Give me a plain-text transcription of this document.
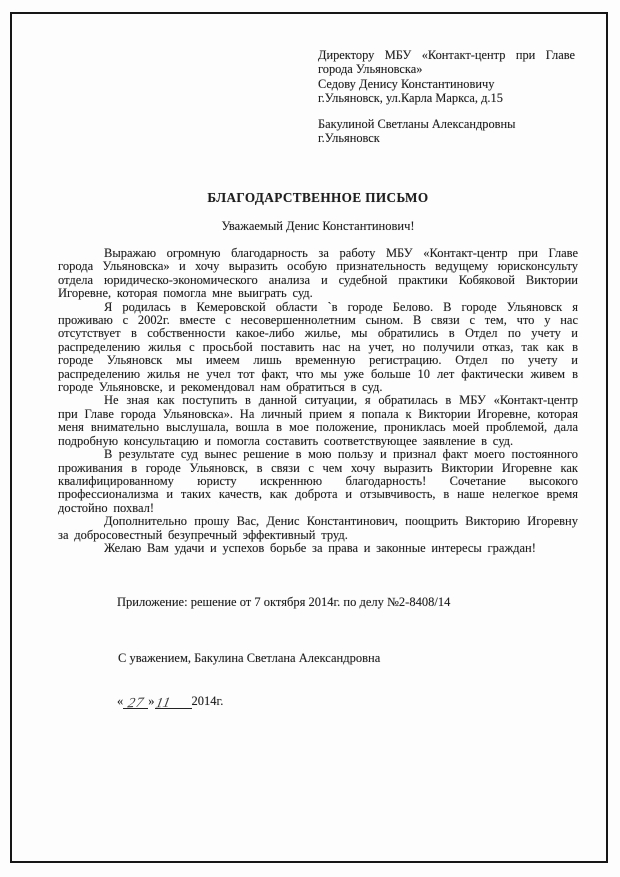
Директору МБУ «Контакт-центр при Главе
города Ульяновска»
Седову Денису Константиновичу
г.Ульяновск, ул.Карла Маркса, д.15
Бакулиной Светланы Александровны
г.Ульяновск
БЛАГОДАРСТВЕННОЕ ПИСЬМО
Уважаемый Денис Константинович!

Выражаю огромную благодарность за работу МБУ «Контакт-центр при Главе города Ульяновска» и хочу выразить особую признательность ведущему юрисконсульту отдела юридическо-экономического анализа и судебной практики Кобяковой Виктории Игоревне, которая помогла мне выиграть суд.

Я родилась в Кемеровской области `в городе Белово. В городе Ульяновск я проживаю с 2002г. вместе с несовершеннолетним сыном. В связи с тем, что у нас отсутствует в собственности какое-либо жилье, мы обратились в Отдел по учету и распределению жилья с просьбой поставить нас на учет, но получили отказ, так как в городе Ульяновск мы имеем лишь временную регистрацию. Отдел по учету и распределению жилья не учел тот факт, что мы уже больше 10 лет фактически живем в городе Ульяновске, и рекомендовал нам обратиться в суд.

Не зная как поступить в данной ситуации, я обратилась в МБУ «Контакт-центр при Главе города Ульяновска». На личный прием я попала к Виктории Игоревне, которая меня внимательно выслушала, вошла в мое положение, прониклась моей проблемой, дала подробную консультацию и помогла составить соответствующее заявление в суд.

В результате суд вынес решение в мою пользу и признал факт моего постоянного проживания в городе Ульяновск, в связи с чем хочу выразить Виктории Игоревне как квалифицированному юристу искреннюю благодарность! Сочетание высокого профессионализма и таких качеств, как доброта и отзывчивость, в наше нелегкое время достойно похвал!

Дополнительно прошу Вас, Денис Константинович, поощрить Викторию Игоревну за добросовестный безупречный эффективный труд.

Желаю Вам удачи и успехов борьбе за права и законные интересы граждан!

Приложение: решение от 7 октября 2014г. по делу №2-8408/14
С уважением, Бакулина Светлана Александровна
« 27 »11 2014г.
